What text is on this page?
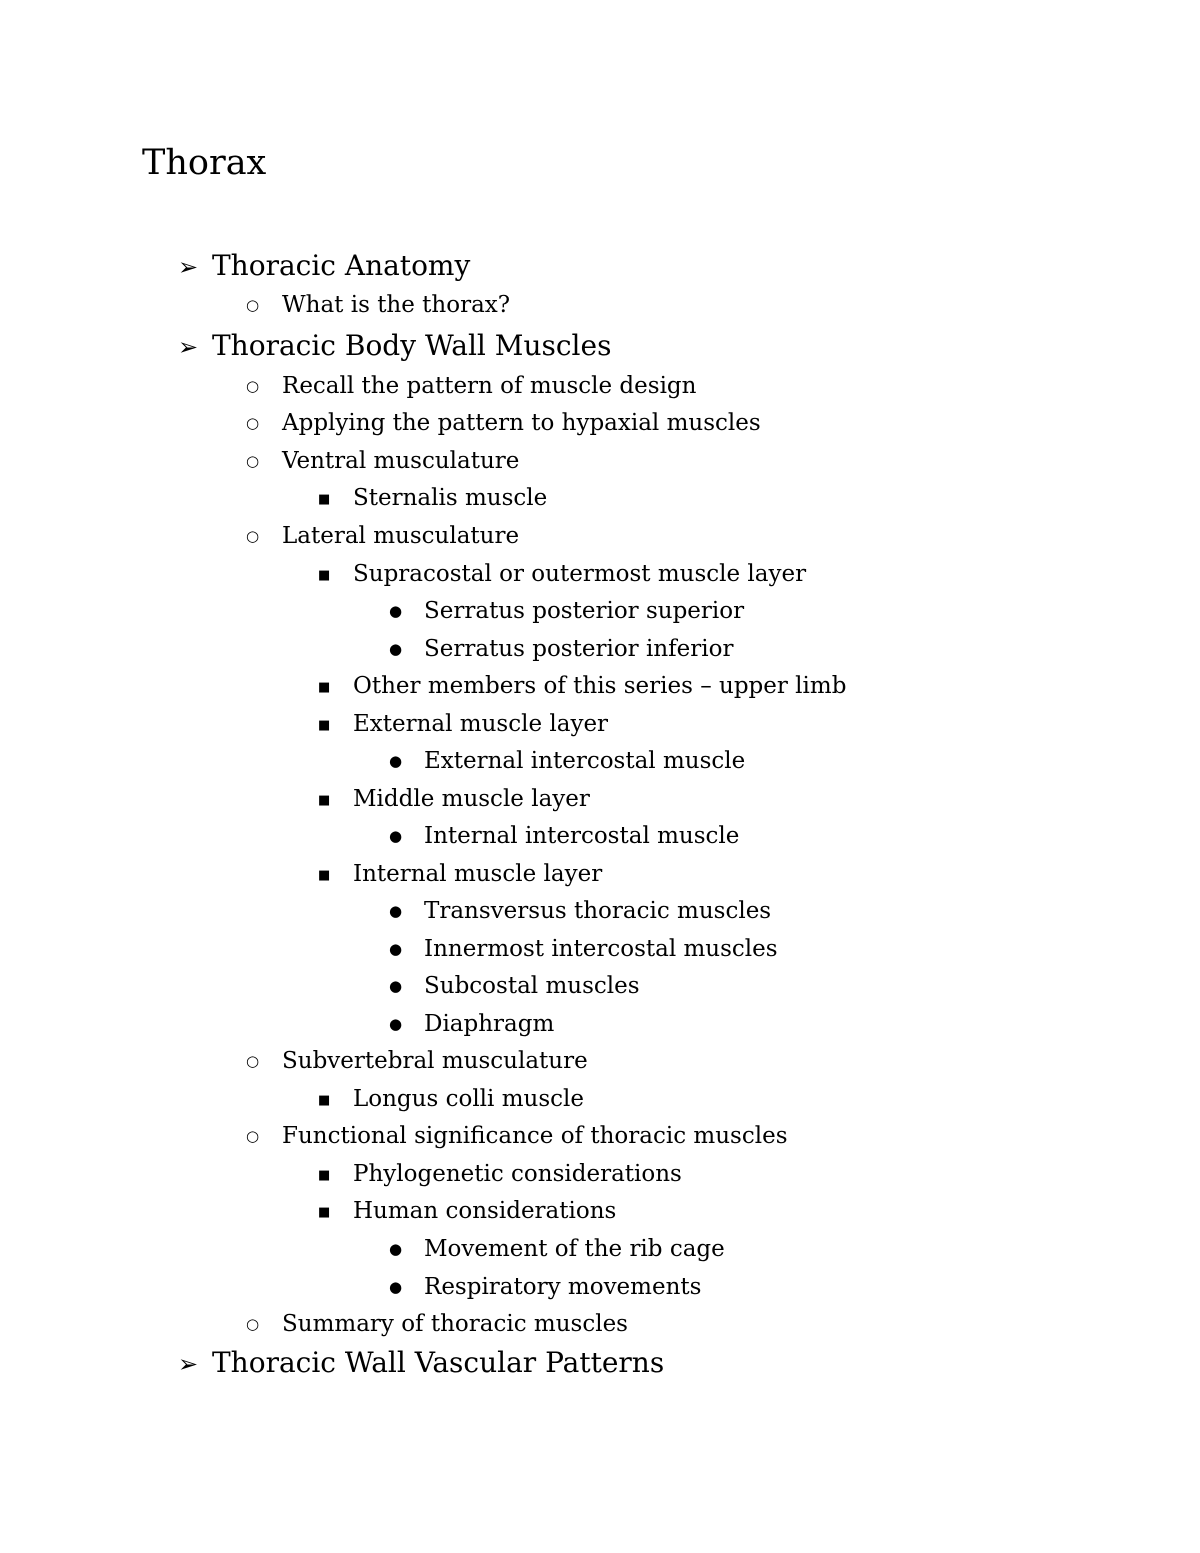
Thorax
➢ Thoracic Anatomy
○ What is the thorax?
➢ Thoracic Body Wall Muscles
○ Recall the pattern of muscle design
○ Applying the pattern to hypaxial muscles
○ Ventral musculature
■ Sternalis muscle
○ Lateral musculature
■ Supracostal or outermost muscle layer
● Serratus posterior superior
● Serratus posterior inferior
■ Other members of this series – upper limb
■ External muscle layer
● External intercostal muscle
■ Middle muscle layer
● Internal intercostal muscle
■ Internal muscle layer
● Transversus thoracic muscles
● Innermost intercostal muscles
● Subcostal muscles
● Diaphragm
○ Subvertebral musculature
■ Longus colli muscle
○ Functional significance of thoracic muscles
■ Phylogenetic considerations
■ Human considerations
● Movement of the rib cage
● Respiratory movements
○ Summary of thoracic muscles
➢ Thoracic Wall Vascular Patterns
